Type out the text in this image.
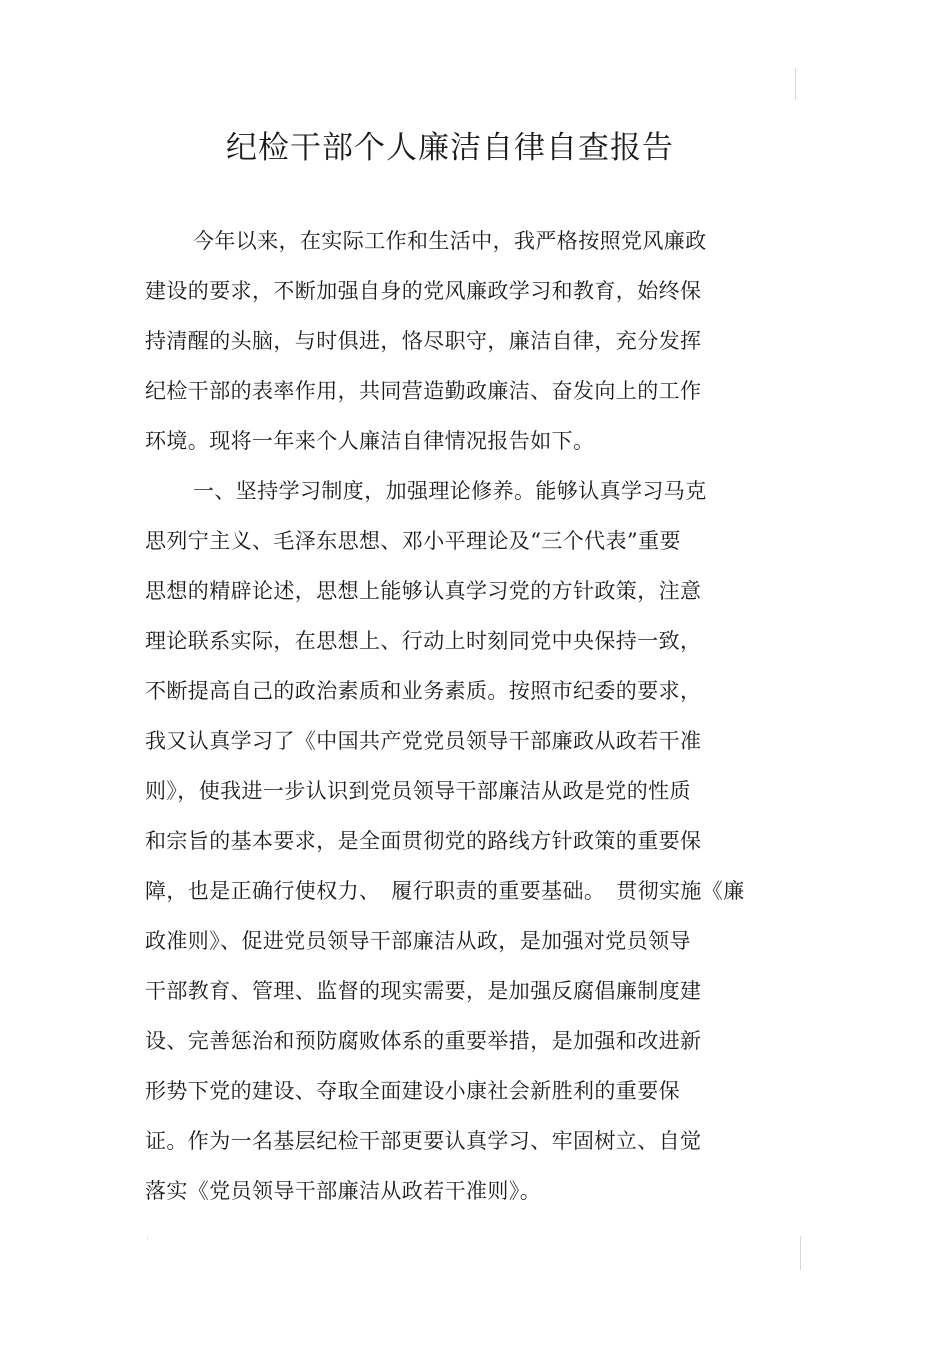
纪检干部个人廉洁自律自查报告
今年以来，在实际工作和生活中，我严格按照党风廉政
建设的要求，不断加强自身的党风廉政学习和教育，始终保
持清醒的头脑，与时俱进，恪尽职守，廉洁自律，充分发挥
纪检干部的表率作用，共同营造勤政廉洁、奋发向上的工作
环境。现将一年来个人廉洁自律情况报告如下。
一、坚持学习制度，加强理论修养。能够认真学习马克
思列宁主义、毛泽东思想、邓小平理论及“三个代表”重要
思想的精辟论述，思想上能够认真学习党的方针政策，注意
理论联系实际，在思想上、行动上时刻同党中央保持一致，
不断提高自己的政治素质和业务素质。按照市纪委的要求，
我又认真学习了《中国共产党党员领导干部廉政从政若干准
则》，使我进一步认识到党员领导干部廉洁从政是党的性质
和宗旨的基本要求，是全面贯彻党的路线方针政策的重要保
障，也是正确行使权力、　履行职责的重要基础。　贯彻实施《廉
政准则》、促进党员领导干部廉洁从政，是加强对党员领导
干部教育、管理、监督的现实需要，是加强反腐倡廉制度建
设、完善惩治和预防腐败体系的重要举措，是加强和改进新
形势下党的建设、夺取全面建设小康社会新胜利的重要保
证。作为一名基层纪检干部更要认真学习、牢固树立、自觉
落实《党员领导干部廉洁从政若干准则》。
